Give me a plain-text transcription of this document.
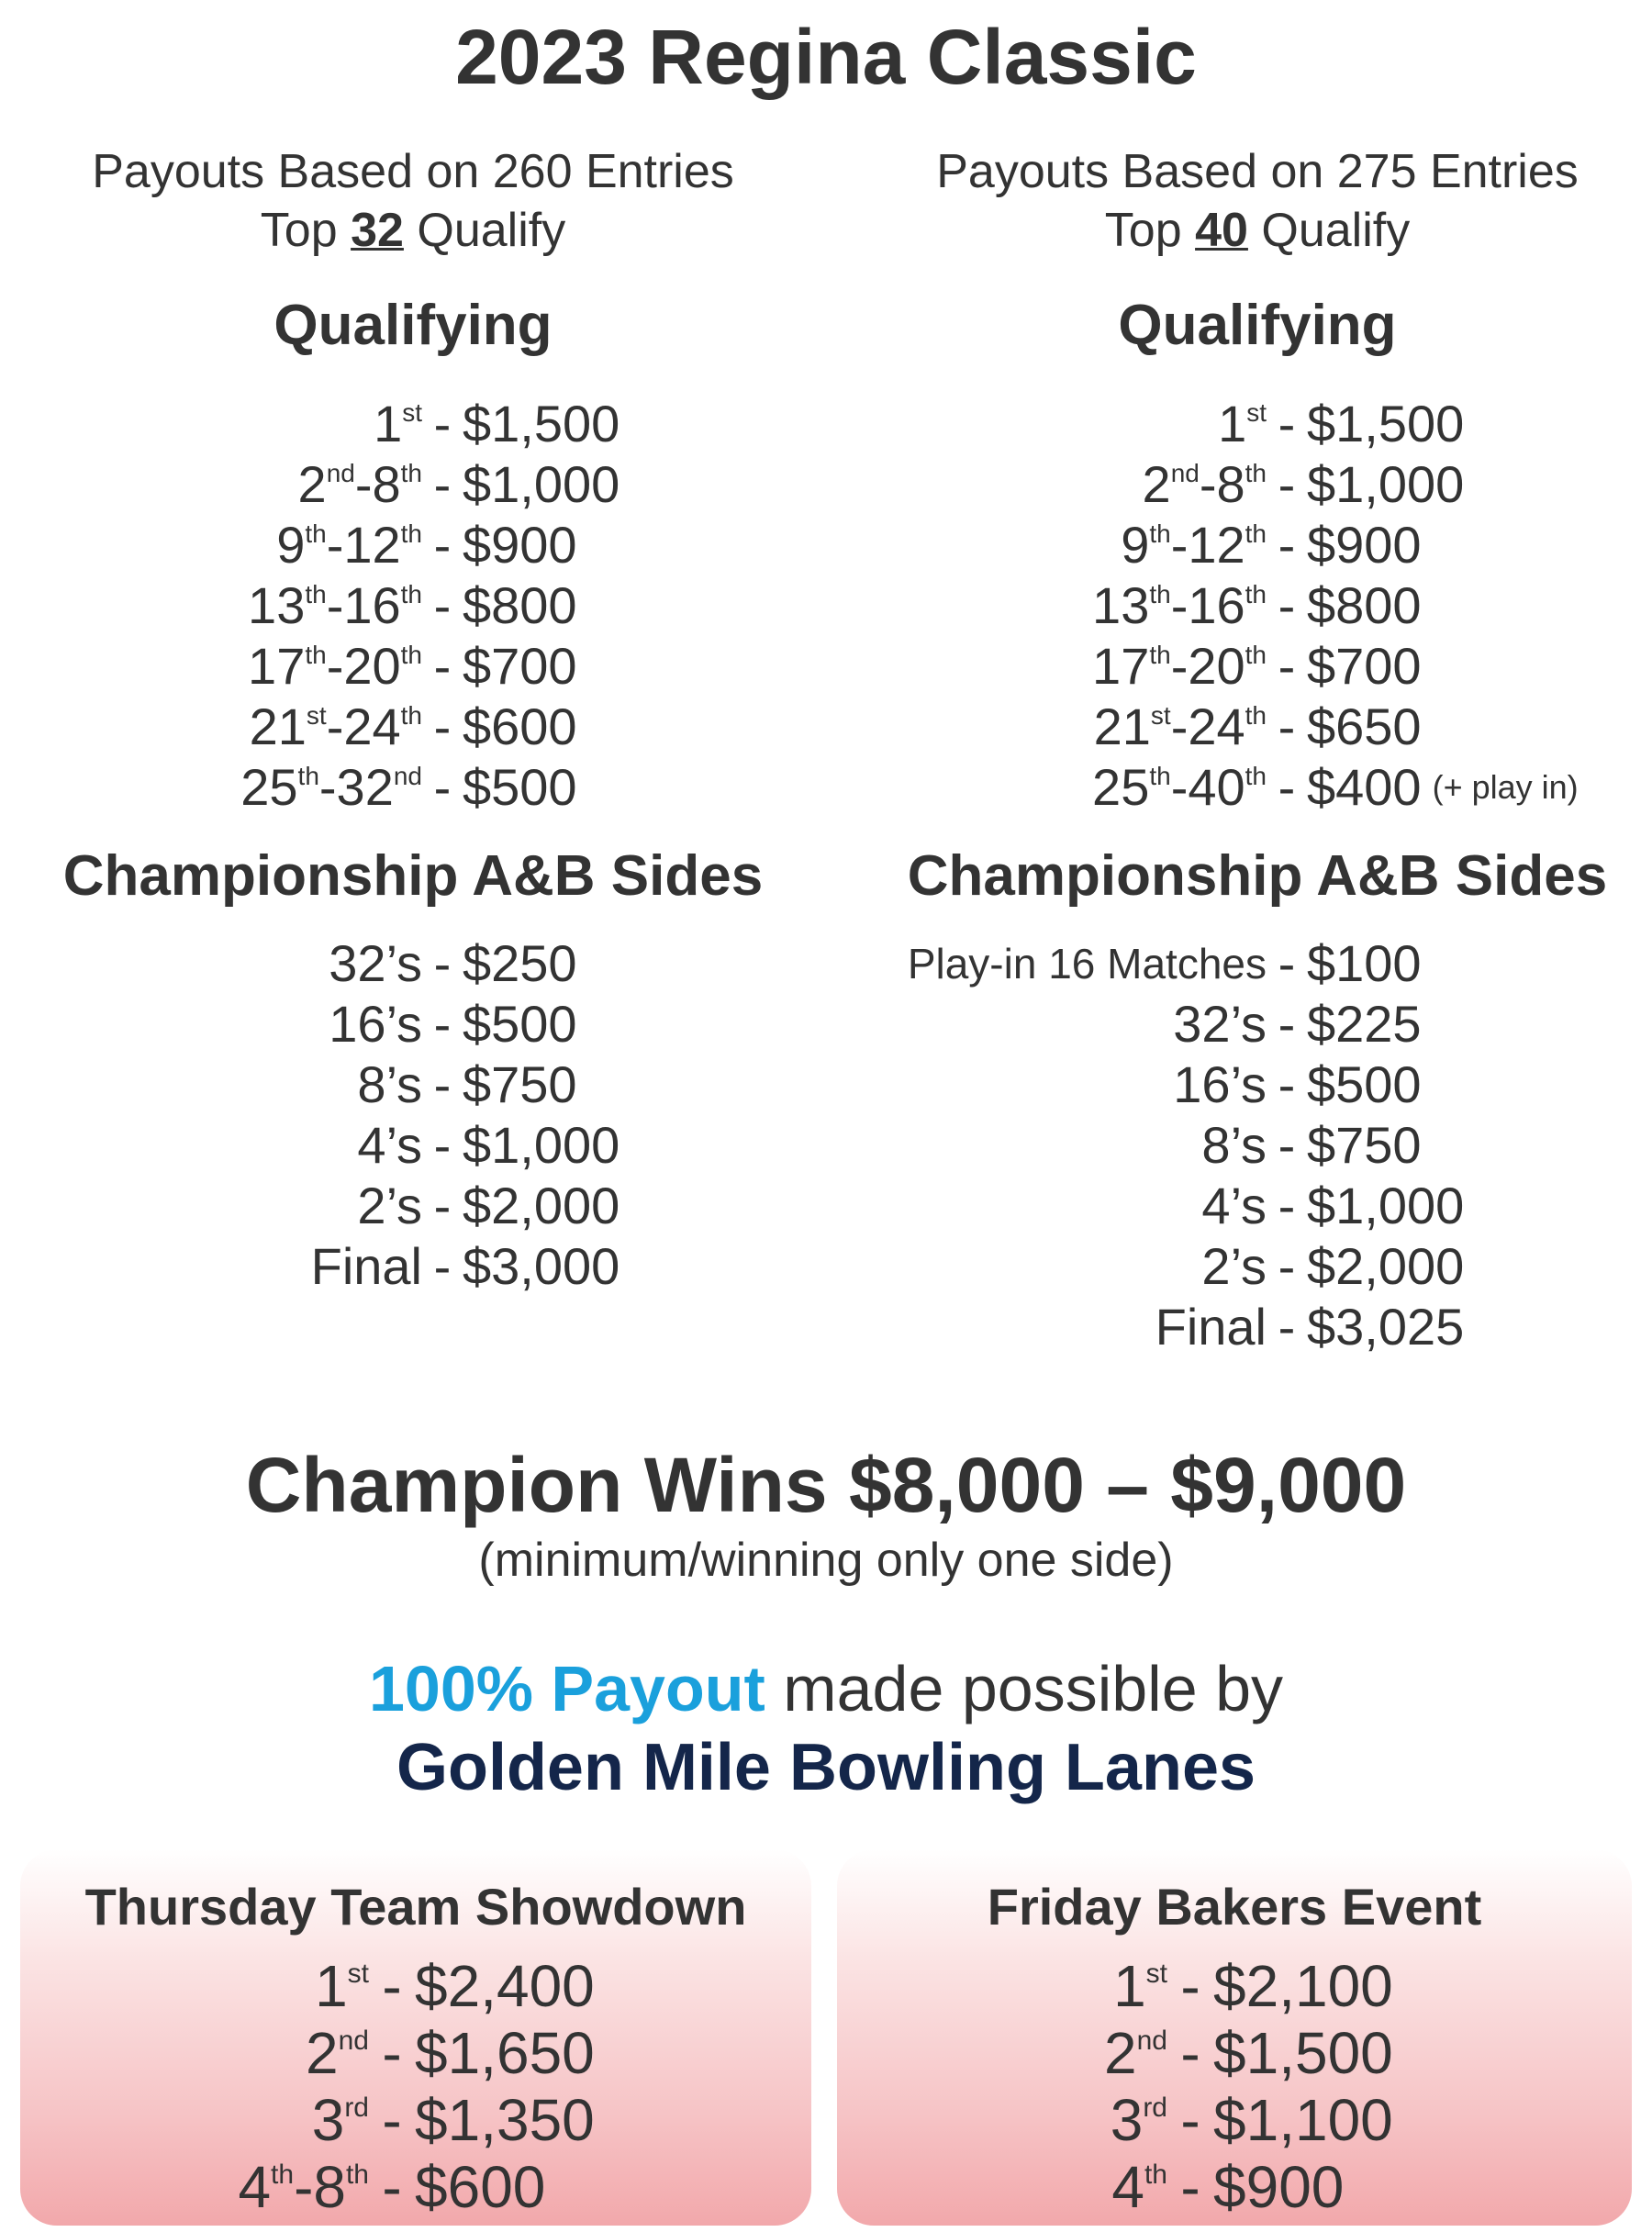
2023 Regina Classic
Payouts Based on 260 Entries
Top 32 Qualify
Qualifying
1st - $1,500
2nd-8th - $1,000
9th-12th - $900
13th-16th - $800
17th-20th - $700
21st-24th - $600
25th-32nd - $500
Championship A&B Sides
32’s - $250
16’s - $500
8’s - $750
4’s - $1,000
2’s - $2,000
Final - $3,000
Payouts Based on 275 Entries
Top 40 Qualify
Qualifying
1st - $1,500
2nd-8th - $1,000
9th-12th - $900
13th-16th - $800
17th-20th - $700
21st-24th - $650
25th-40th - $400 (+ play in)
Championship A&B Sides
Play-in 16 Matches - $100
32’s - $225
16’s - $500
8’s - $750
4’s - $1,000
2’s - $2,000
Final - $3,025
Champion Wins $8,000 – $9,000
(minimum/winning only one side)
100% Payout made possible by
Golden Mile Bowling Lanes
Thursday Team Showdown
1st - $2,400
2nd - $1,650
3rd - $1,350
4th-8th - $600
Friday Bakers Event
1st - $2,100
2nd - $1,500
3rd - $1,100
4th - $900
